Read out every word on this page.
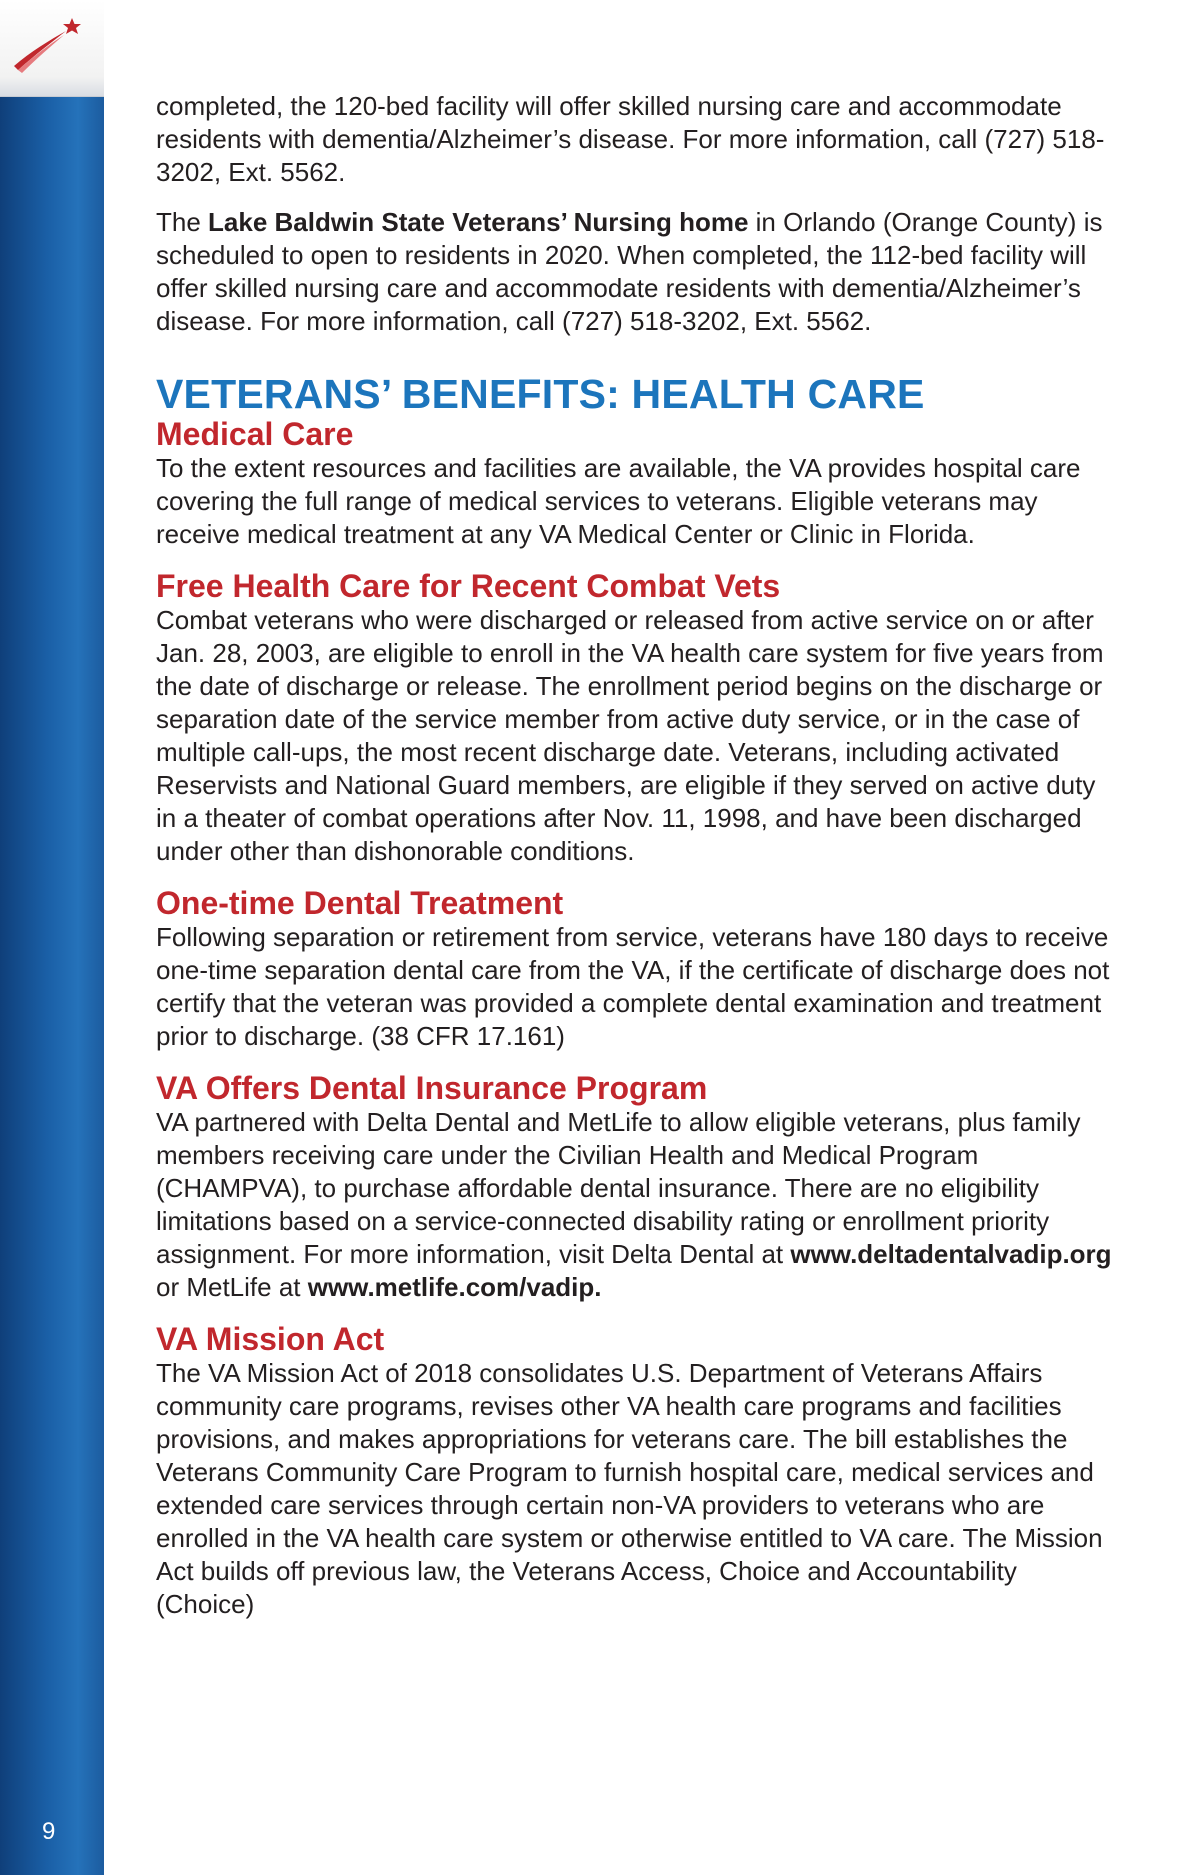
9

completed, the 120-bed facility will offer skilled nursing care and accommodate residents with dementia/Alzheimer’s disease. For more information, call (727) 518-3202, Ext. 5562.

The Lake Baldwin State Veterans’ Nursing home in Orlando (Orange County) is scheduled to open to residents in 2020. When completed, the 112-bed facility will offer skilled nursing care and accommodate residents with dementia/Alzheimer’s disease. For more information, call (727) 518-3202, Ext. 5562.

VETERANS’ BENEFITS: HEALTH CARE
Medical Care

To the extent resources and facilities are available, the VA provides hospital care covering the full range of medical services to veterans. Eligible veterans may receive medical treatment at any VA Medical Center or Clinic in Florida.

Free Health Care for Recent Combat Vets

Combat veterans who were discharged or released from active service on or after Jan. 28, 2003, are eligible to enroll in the VA health care system for five years from the date of discharge or release. The enrollment period begins on the discharge or separation date of the service member from active duty service, or in the case of multiple call-ups, the most recent discharge date. Veterans, including activated Reservists and National Guard members, are eligible if they served on active duty in a theater of combat operations after Nov. 11, 1998, and have been discharged under other than dishonorable conditions.

One-time Dental Treatment

Following separation or retirement from service, veterans have 180 days to receive one-time separation dental care from the VA, if the certificate of discharge does not certify that the veteran was provided a complete dental examination and treatment prior to discharge. (38 CFR 17.161)

VA Offers Dental Insurance Program

VA partnered with Delta Dental and MetLife to allow eligible veterans, plus family members receiving care under the Civilian Health and Medical Program (CHAMPVA), to purchase affordable dental insurance. There are no eligibility limitations based on a service-connected disability rating or enrollment priority assignment. For more information, visit Delta Dental at www.deltadentalvadip.org or MetLife at www.metlife.com/vadip.

VA Mission Act

The VA Mission Act of 2018 consolidates U.S. Department of Veterans Affairs community care programs, revises other VA health care programs and facilities provisions, and makes appropriations for veterans care. The bill establishes the Veterans Community Care Program to furnish hospital care, medical services and extended care services through certain non-VA providers to veterans who are enrolled in the VA health care system or otherwise entitled to VA care. The Mission Act builds off previous law, the Veterans Access, Choice and Accountability (Choice)
